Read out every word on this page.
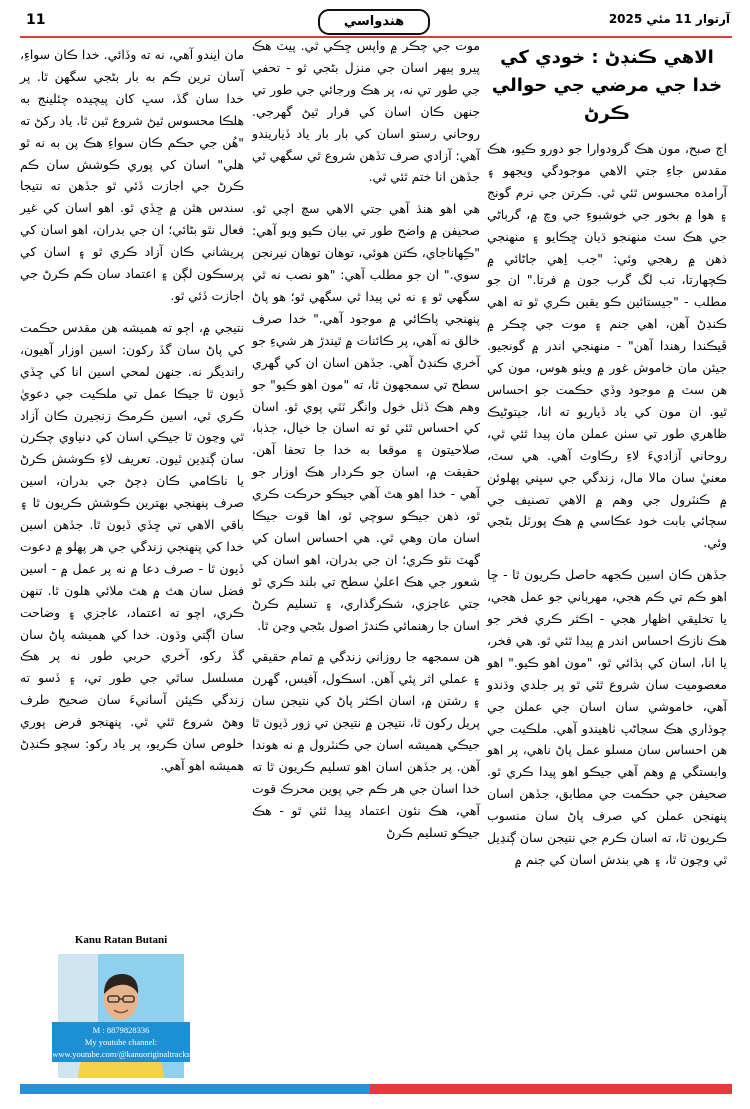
11	هندواسي	آرتوار 11 مئي 2025
الاهي ڪنڊڻ : خودي کي خدا جي مرضي جي حوالي ڪرڻ

اڄ صبح، مون هڪ گرودوارا جو دورو ڪيو، هڪ مقدس جاءِ جتي الاهي موجودگي ويجهو ۽ آرامده محسوس ٿئي ٿي. ڪرتن جي نرم گونج ۽ هوا ۾ بخور جي خوشبوءِ جي وچ ۾، گرباڻي جي هڪ سٽ منهنجو ڌيان ڇڪايو ۽ منهنجي ذهن ۾ رهجي وئي: "جب اِهي جاڻائي ۾ ڪچهارتا، تب لگ گرب جون ۾ فرتا." ان جو مطلب - "جيستائين ڪو يقين ڪري ٿو ته اهي ڪنڊڻ آهن، اهي جنم ۽ موت جي چڪر ۾ ڦيڪندا رهندا آهن" - منهنجي اندر ۾ گونجيو. جيئن مان خاموش غور ۾ ويٺو هوس، مون کي هن سٽ ۾ موجود وڏي حڪمت جو احساس ٿيو. ان مون کي ياد ڏياريو ته انا، جيتوڻيڪ ظاهري طور تي سٺن عملن مان پيدا ٿئي ٿي، روحاني آزاديءَ لاءِ رڪاوٽ آهي. هي سٽ، معنيٰ سان مالا مال، زندگي جي سڀني پهلوئن ۾ ڪنٽرول جي وهم ۾ الاهي تصنيف جي سچائي بابت خود عڪاسي ۾ هڪ پورٽل بڻجي وئي.

جڏهن ڪان اسين ڪجهه حاصل ڪريون ٿا - ڇا اهو ڪم تي ڪم هجي، مهرباني جو عمل هجي، يا تخليقي اظهار هجي - اڪثر ڪري فخر جو هڪ نازڪ احساس اندر ۾ پيدا ٿئي ٿو. هي فخر، يا انا، اسان کي ٻڌائي ٿو، "مون اهو ڪيو." اهو معصوميت سان شروع ٿئي ٿو پر جلدي وڌندو آهي، خاموشي سان اسان جي عملن جي چوڌاري هڪ سڃاڻپ ٺاهيندو آهي. ملڪيت جي هن احساس سان مسلو عمل پاڻ ناهي، پر اهو وابستگي ۾ وهم آهي جيڪو اهو پيدا ڪري ٿو. صحيفن جي حڪمت جي مطابق، جڏهن اسان پنهنجن عملن کي صرف پاڻ سان منسوب ڪريون ٿا، ته اسان ڪرم جي نتيجن سان ڳنڍيل ٿي وڃون ٿا، ۽ هي بندش اسان کي جنم ۾

موت جي چڪر ۾ واپس ڇڪي ٿي. پيٽ هڪ پيرو ٻيهر اسان جي منزل بڻجي ٿو - تحفي جي طور تي نه، پر هڪ ورجائي جي طور تي جنهن ڪان اسان کي فرار ٿيڻ گهرجي. روحاني رستو اسان کي بار بار ياد ڏياريندو آهي: آزادي صرف تڏهن شروع ٿي سگهي ٿي جڏهن انا ختم ٿئي ٿي.

هي اهو هنڌ آهي جتي الاهي سچ اچي ٿو. صحيفن ۾ واضح طور تي بيان ڪيو ويو آهي: "ڪِهاناجاي، ڪتن هوئي، توهان توهان نيرنجن سوي." ان جو مطلب آهي: "هو نصب نه ٿي سگهي ٿو ۽ نه ئي پيدا ٿي سگهي ٿو؛ هو پاڻ پنهنجي پاڪائي ۾ موجود آهي." خدا صرف خالق نه آهي، پر ڪائنات ۾ ٿيندڙ هر شيءِ جو آخري ڪنڊڻ آهي. جڏهن اسان ان کي گهري سطح تي سمجهون ٿا، ته "مون اهو ڪيو" جو وهم هڪ ڏٺل خول وانگر ٽٽي پوي ٿو. اسان کي احساس ٿئي ٿو ته اسان جا خيال، جذبا، صلاحيتون ۽ موقعا به خدا جا تحفا آهن. حقيقت ۾، اسان جو ڪردار هڪ اوزار جو آهي - خدا اهو هٿ آهي جيڪو حرڪت ڪري ٿو، ذهن جيڪو سوچي ٿو، اها قوت جيڪا اسان مان وهي ٿي. هي احساس اسان کي گهٽ نٿو ڪري؛ ان جي بدران، اهو اسان کي شعور جي هڪ اعليٰ سطح تي بلند ڪري ٿو جتي عاجزي، شڪرگذاري، ۽ تسليم ڪرڻ اسان جا رهنمائي ڪندڙ اصول بڻجي وڃن ٿا.

هن سمجهه جا روزاني زندگي ۾ تمام حقيقي ۽ عملي اثر پئي آهن. اسڪول، آفيس، گهرن ۽ رشتن ۾، اسان اڪثر پاڻ کي نتيجن سان پريل رکون ٿا، نتيجن ۾ نتيجن تي زور ڏيون ٿا جيڪي هميشه اسان جي ڪنٽرول ۾ نه هوندا آهن. پر جڏهن اسان اهو تسليم ڪريون ٿا ته خدا اسان جي هر ڪم جي پوين محرڪ قوت آهي، هڪ نئون اعتماد پيدا ٿئي ٿو - هڪ جيڪو تسليم ڪرڻ

مان ايندو آهي، نه ته وڏائي. خدا ڪان سواءِ، آسان ترين ڪم به بار بڻجي سگهن ٿا. پر خدا سان گڏ، سڀ کان پيچيده چئلينج به هلڪا محسوس ٿيڻ شروع ٿين ٿا. ياد رکڻ ته "هُن جي حڪم ڪان سواءِ هڪ پن به نه ٿو هلي" اسان کي پوري ڪوشش سان ڪم ڪرڻ جي اجازت ڏئي ٿو جڏهن ته نتيجا سندس هٿن ۾ ڇڏي ٿو. اهو اسان کي غير فعال نٿو بڻائي؛ ان جي بدران، اهو اسان کي پريشاني ڪان آزاد ڪري ٿو ۽ اسان کي پرسڪون لڳن ۽ اعتماد سان ڪم ڪرڻ جي اجازت ڏئي ٿو.

نتيجي ۾، اڄو ته هميشه هن مقدس حڪمت کي پاڻ سان گڏ رکون: اسين اوزار آهيون، رانديگر نه. جنهن لمحي اسين انا کي ڇڏي ڏيون ٿا جيڪا عمل تي ملڪيت جي دعويٰ ڪري ٿي، اسين ڪرمڪ زنجيرن ڪان آزاد ٿي وڃون ٿا جيڪي اسان کي دنياوي چڪرن سان ڳنڍين ٿيون. تعريف لاءِ ڪوشش ڪرڻ يا ناڪامي ڪان ڊڄڻ جي بدران، اسين صرف پنهنجي بهترين ڪوشش ڪريون ٿا ۽ باقي الاهي تي ڇڏي ڏيون ٿا. جڏهن اسين خدا کي پنهنجي زندگي جي هر پهلو ۾ دعوت ڏيون ٿا - صرف دعا ۾ نه پر عمل ۾ - اسين فضل سان هٿ ۾ هٿ ملائي هلون ٿا. تنهن ڪري، اچو ته اعتماد، عاجزي ۽ وضاحت سان اڳتي وڌون. خدا کي هميشه پاڻ سان گڏ رکو، آخري حربي طور نه پر هڪ مسلسل ساٿي جي طور تي، ۽ ڏسو ته زندگي ڪيئن آسانيءَ سان صحيح طرف وهڻ شروع ٿئي ٿي. پنهنجو فرض پوري خلوص سان ڪريو، پر ياد رکو: سچو ڪنڊڻ هميشه اهو آهي.

Kanu Ratan Butani
M : 8879828336
My youtube channel:
www.youtube.com/@kanuoriginaltracks
